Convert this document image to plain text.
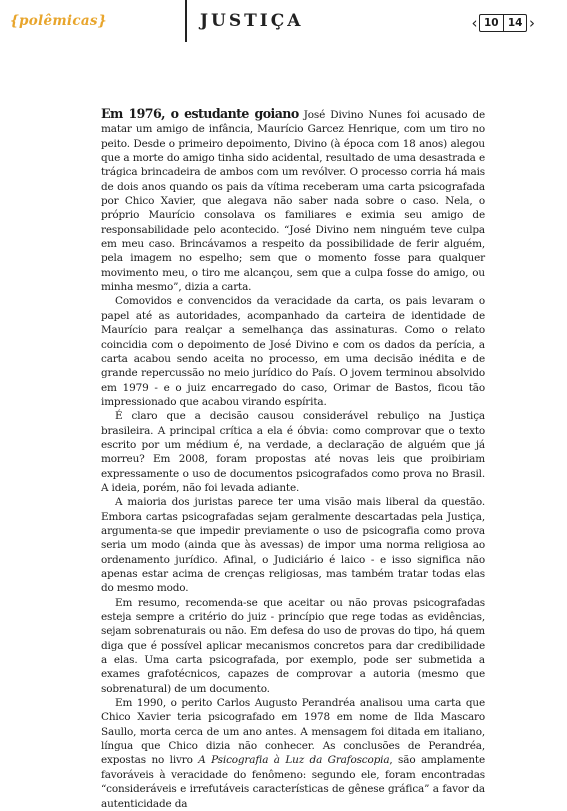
{polêmicas}	JUSTIÇA	‹ 10 14 ›

Em 1976, o estudante goiano José Divino Nunes foi acusado de matar um amigo de infância, Maurício Garcez Henrique, com um tiro no peito. Desde o primeiro depoimento, Divino (à época com 18 anos) alegou que a morte do amigo tinha sido acidental, resultado de uma desastrada e trágica brincadeira de ambos com um revólver. O processo corria há mais de dois anos quando os pais da vítima receberam uma carta psicografada por Chico Xavier, que alegava não saber nada sobre o caso. Nela, o próprio Maurício consolava os familiares e eximia seu amigo de responsabilidade pelo acontecido. “José Divino nem ninguém teve culpa em meu caso. Brincávamos a respeito da possibilidade de ferir alguém, pela imagem no espelho; sem que o momento fosse para qualquer movimento meu, o tiro me alcançou, sem que a culpa fosse do amigo, ou minha mesmo”, dizia a carta.

Comovidos e convencidos da veracidade da carta, os pais levaram o papel até as autoridades, acompanhado da carteira de identidade de Maurício para realçar a semelhança das assinaturas. Como o relato coincidia com o depoimento de José Divino e com os dados da perícia, a carta acabou sendo aceita no processo, em uma decisão inédita e de grande repercussão no meio jurídico do País. O jovem terminou absolvido em 1979 - e o juiz encarregado do caso, Orimar de Bastos, ficou tão impressionado que acabou virando espírita.

É claro que a decisão causou considerável rebuliço na Justiça brasileira. A principal crítica a ela é óbvia: como comprovar que o texto escrito por um médium é, na verdade, a declaração de alguém que já morreu? Em 2008, foram propostas até novas leis que proibiriam expressamente o uso de documentos psicografados como prova no Brasil. A ideia, porém, não foi levada adiante.

A maioria dos juristas parece ter uma visão mais liberal da questão. Embora cartas psicografadas sejam geralmente descartadas pela Justiça, argumenta-se que impedir previamente o uso de psicografia como prova seria um modo (ainda que às avessas) de impor uma norma religiosa ao ordenamento jurídico. Afinal, o Judiciário é laico - e isso significa não apenas estar acima de crenças religiosas, mas também tratar todas elas do mesmo modo.

Em resumo, recomenda-se que aceitar ou não provas psicografadas esteja sempre a critério do juiz - princípio que rege todas as evidências, sejam sobrenaturais ou não. Em defesa do uso de provas do tipo, há quem diga que é possível aplicar mecanismos concretos para dar credibilidade a elas. Uma carta psicografada, por exemplo, pode ser submetida a exames grafotécnicos, capazes de comprovar a autoria (mesmo que sobrenatural) de um documento.

Em 1990, o perito Carlos Augusto Perandréa analisou uma carta que Chico Xavier teria psicografado em 1978 em nome de Ilda Mascaro Saullo, morta cerca de um ano antes. A mensagem foi ditada em italiano, língua que Chico dizia não conhecer. As conclusões de Perandréa, expostas no livro A Psicografia à Luz da Grafoscopia, são amplamente favoráveis à veracidade do fenômeno: segundo ele, foram encontradas “consideráveis e irrefutáveis características de gênese gráfica” a favor da autenticidade da
